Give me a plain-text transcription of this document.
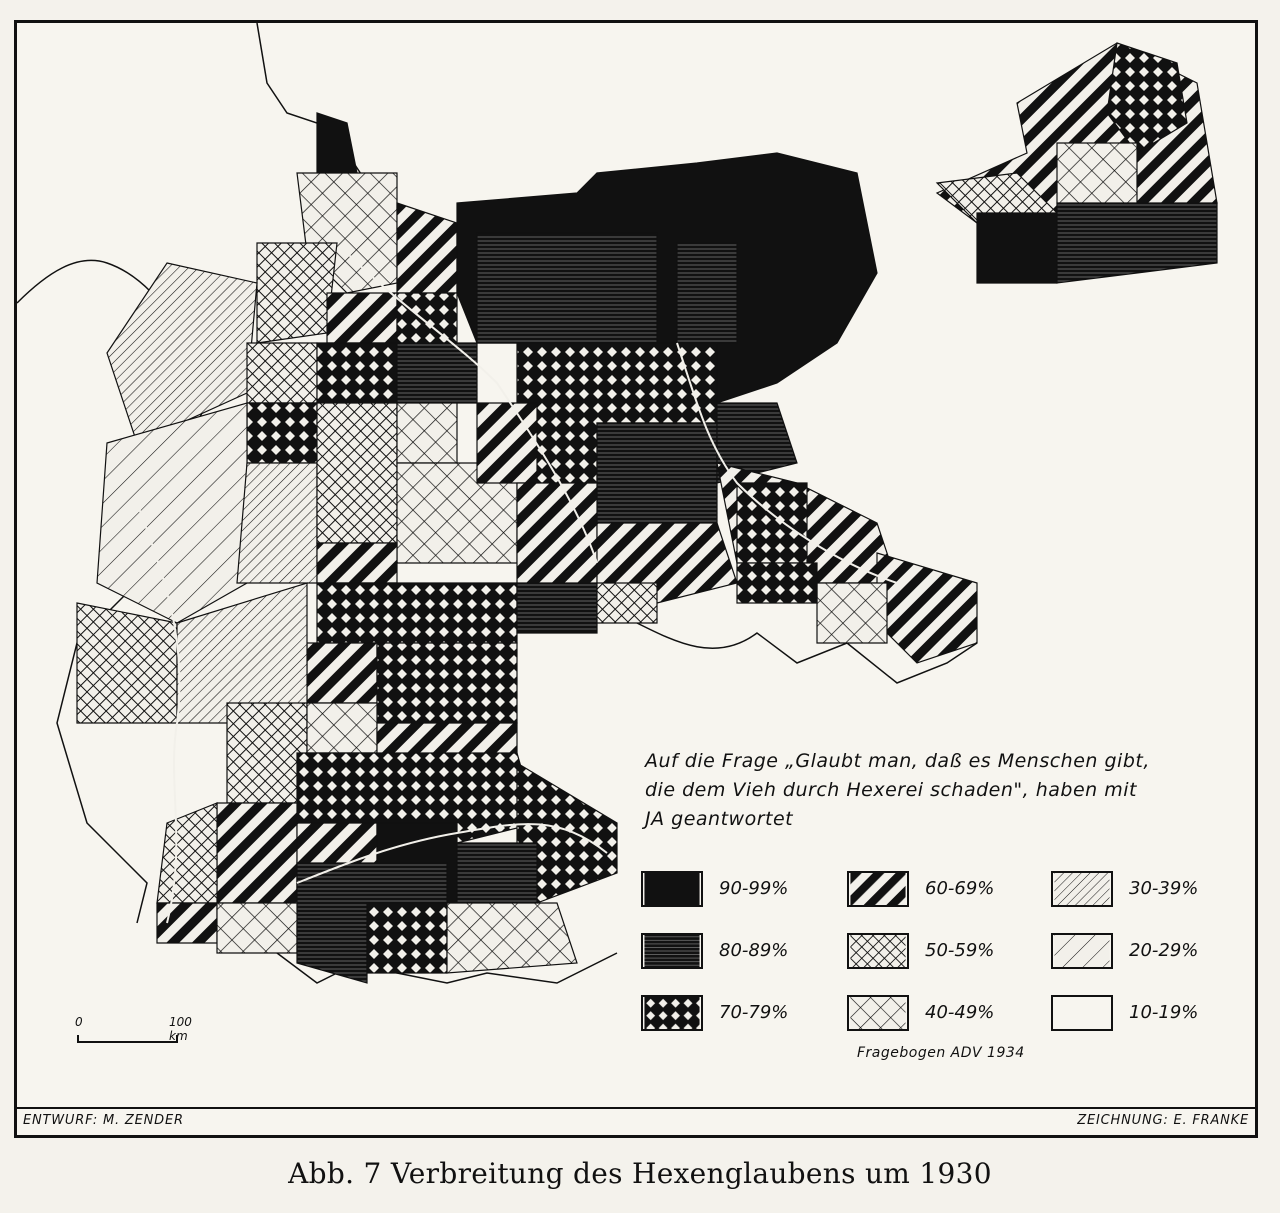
Auf die Frage „Glaubt man, daß es Menschen gibt,
die dem Vieh durch Hexerei schaden", haben mit
JA geantwortet
90-99%
80-89%
70-79%
60-69%
50-59%
40-49%
30-39%
20-29%
10-19%
Fragebogen ADV 1934
0	100 km
ENTWURF: M. ZENDER	ZEICHNUNG: E. FRANKE
Abb. 7 Verbreitung des Hexenglaubens um 1930
